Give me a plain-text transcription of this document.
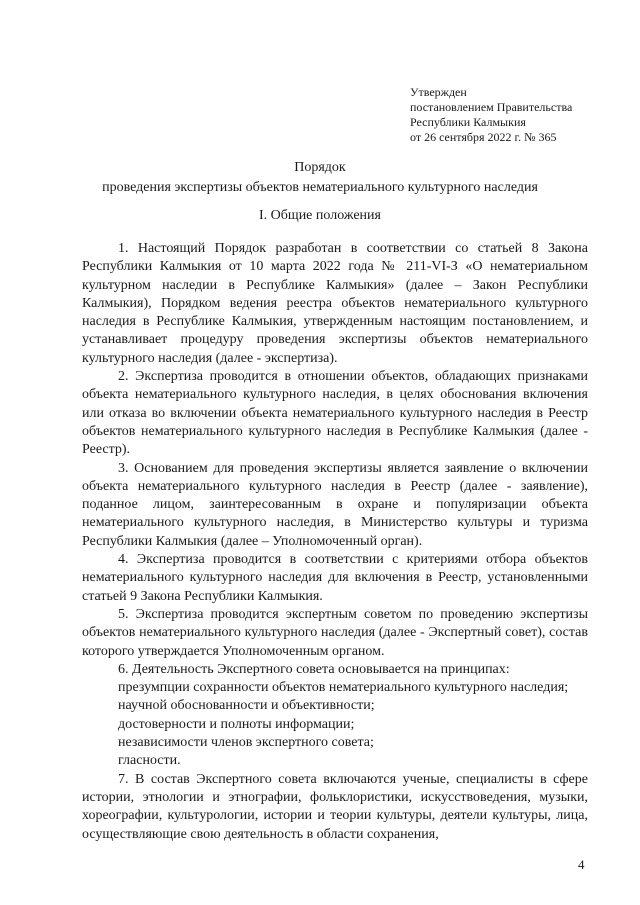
Утвержден
постановлением Правительства
Республики Калмыкия
от 26 сентября 2022 г. № 365
Порядок
проведения экспертизы объектов нематериального культурного наследия
I. Общие положения

1. Настоящий Порядок разработан в соответствии со статьей 8 Закона Республики Калмыкия от 10 марта 2022 года № 211-VI-З «О нематериальном культурном наследии в Республике Калмыкия» (далее – Закон Республики Калмыкия), Порядком ведения реестра объектов нематериального культурного наследия в Республике Калмыкия, утвержденным настоящим постановлением, и устанавливает процедуру проведения экспертизы объектов нематериального культурного наследия (далее - экспертиза).

2. Экспертиза проводится в отношении объектов, обладающих признаками объекта нематериального культурного наследия, в целях обоснования включения или отказа во включении объекта нематериального культурного наследия в Реестр объектов нематериального культурного наследия в Республике Калмыкия (далее - Реестр).

3. Основанием для проведения экспертизы является заявление о включении объекта нематериального культурного наследия в Реестр (далее - заявление), поданное лицом, заинтересованным в охране и популяризации объекта нематериального культурного наследия, в Министерство культуры и туризма Республики Калмыкия (далее – Уполномоченный орган).

4. Экспертиза проводится в соответствии с критериями отбора объектов нематериального культурного наследия для включения в Реестр, установленными статьей 9 Закона Республики Калмыкия.

5. Экспертиза проводится экспертным советом по проведению экспертизы объектов нематериального культурного наследия (далее - Экспертный совет), состав которого утверждается Уполномоченным органом.

6. Деятельность Экспертного совета основывается на принципах:

презумпции сохранности объектов нематериального культурного наследия;

научной обоснованности и объективности;

достоверности и полноты информации;

независимости членов экспертного совета;

гласности.

7. В состав Экспертного совета включаются ученые, специалисты в сфере истории, этнологии и этнографии, фольклористики, искусствоведения, музыки, хореографии, культурологии, истории и теории культуры, деятели культуры, лица, осуществляющие свою деятельность в области сохранения,

4
